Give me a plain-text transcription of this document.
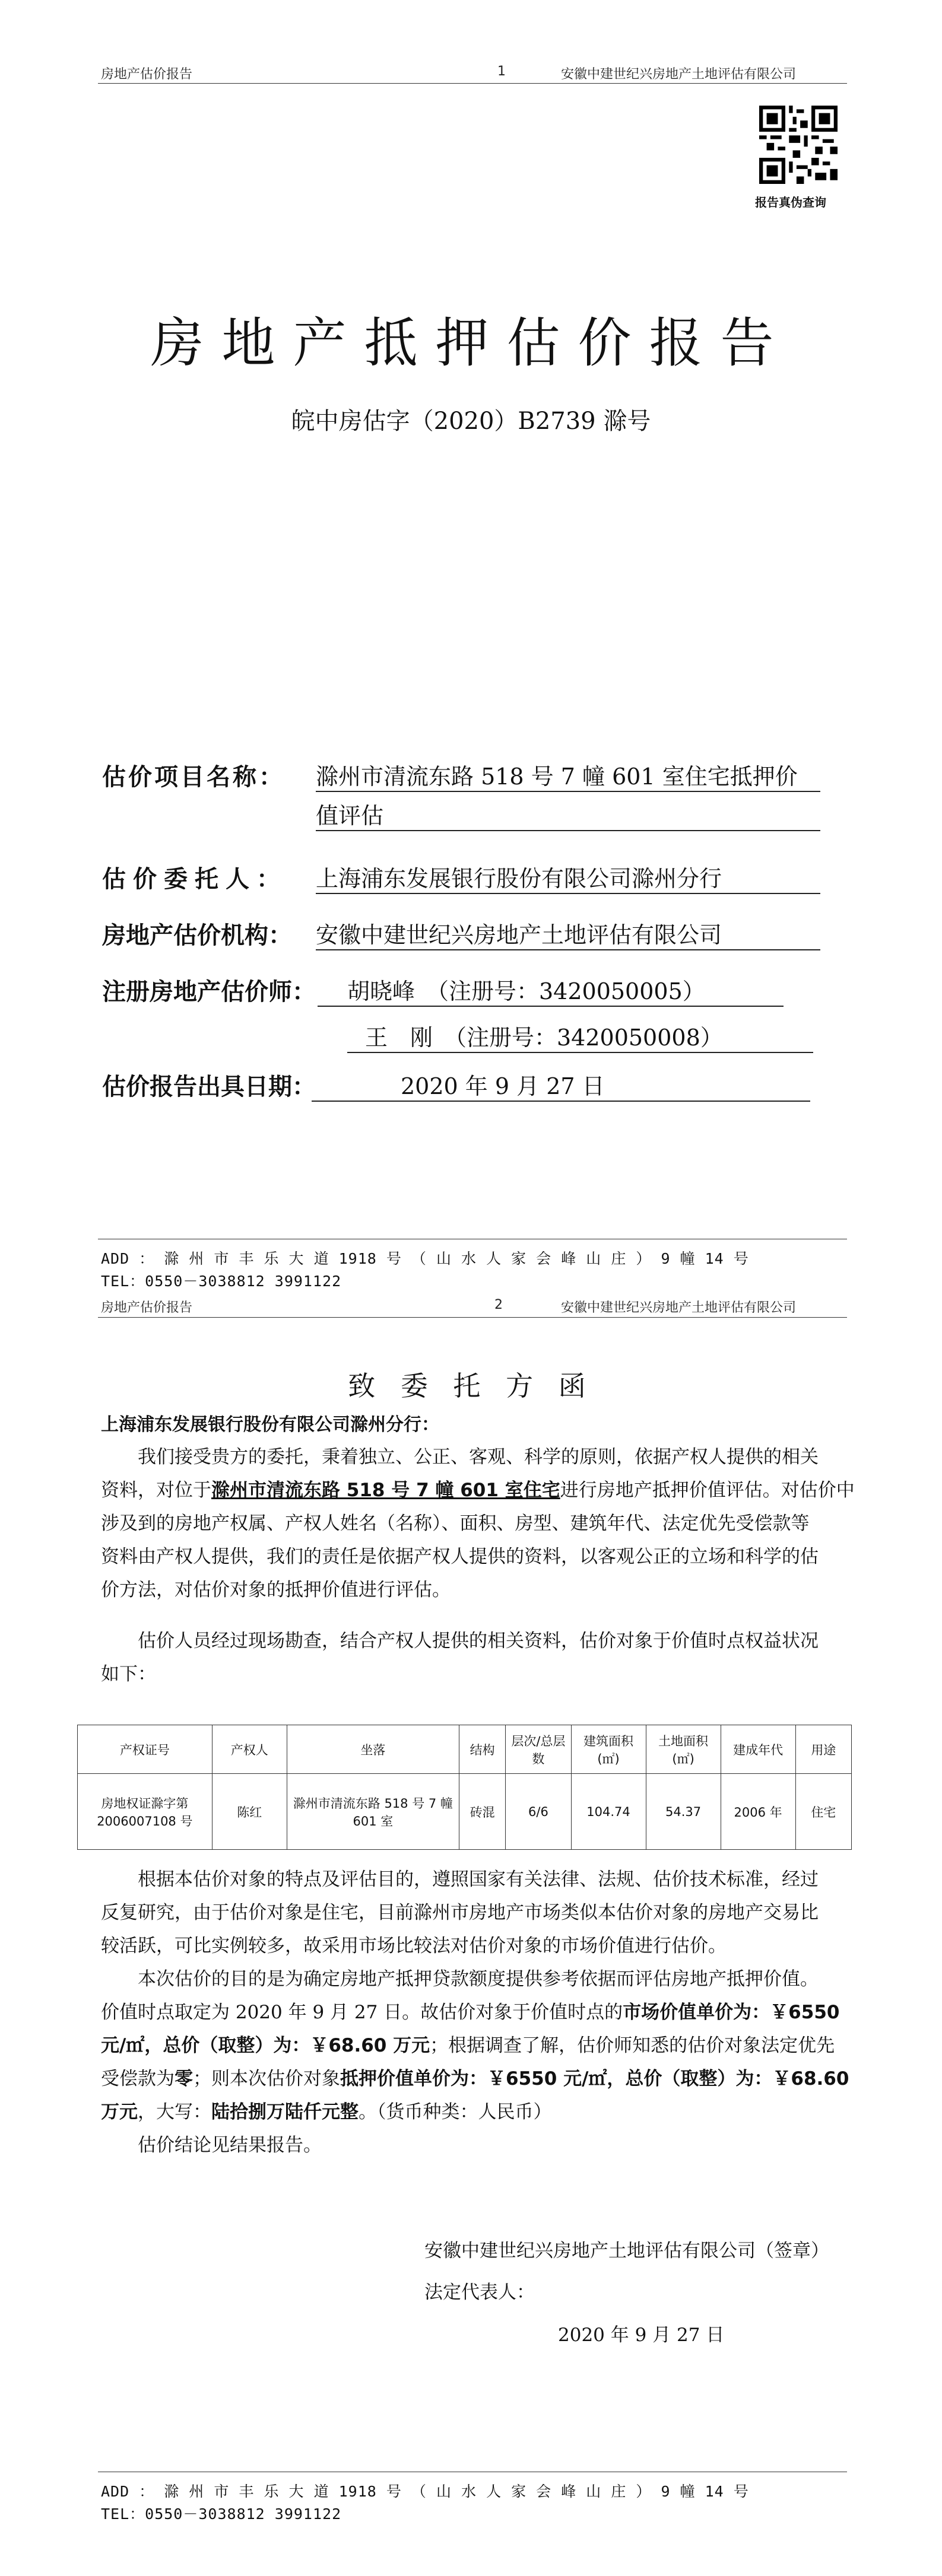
房地产估价报告	1	安徽中建世纪兴房地产土地评估有限公司
报告真伪查询
房地产抵押估价报告
皖中房估字（2020）B2739 滁号
估价项目名称： 滁州市清流东路 518 号 7 幢 601 室住宅抵押价
值评估
估价委托人： 上海浦东发展银行股份有限公司滁州分行
房地产估价机构： 安徽中建世纪兴房地产土地评估有限公司
注册房地产估价师：	胡晓峰　（注册号：3420050005）
王　刚　（注册号：3420050008）
估价报告出具日期：	2020 年 9 月 27 日
ADD ： 滁 州 市 丰 乐 大 道 1918 号 （ 山 水 人 家 会 峰 山 庄 ） 9 幢 14 号
TEL：0550－3038812 3991122
房地产估价报告	2	安徽中建世纪兴房地产土地评估有限公司
致 委 托 方 函
上海浦东发展银行股份有限公司滁州分行：
我们接受贵方的委托，秉着独立、公正、客观、科学的原则，依据产权人提供的相关
资料，对位于滁州市清流东路 518 号 7 幢 601 室住宅进行房地产抵押价值评估。对估价中
涉及到的房地产权属、产权人姓名（名称）、面积、房型、建筑年代、法定优先受偿款等
资料由产权人提供，我们的责任是依据产权人提供的资料，以客观公正的立场和科学的估
价方法，对估价对象的抵押价值进行评估。
估价人员经过现场勘查，结合产权人提供的相关资料，估价对象于价值时点权益状况
如下：
产权证号	产权人	坐落	结构	层次/总层数	建筑面积(㎡)	土地面积(㎡)	建成年代	用途
房地权证滁字第 2006007108 号	陈红	滁州市清流东路 518 号 7 幢 601 室	砖混	6/6	104.74	54.37	2006 年	住宅
根据本估价对象的特点及评估目的，遵照国家有关法律、法规、估价技术标准，经过
反复研究，由于估价对象是住宅，目前滁州市房地产市场类似本估价对象的房地产交易比
较活跃，可比实例较多，故采用市场比较法对估价对象的市场价值进行估价。
本次估价的目的是为确定房地产抵押贷款额度提供参考依据而评估房地产抵押价值。
价值时点取定为 2020 年 9 月 27 日。故估价对象于价值时点的市场价值单价为：￥6550
元/㎡，总价（取整）为：￥68.60 万元；根据调查了解，估价师知悉的估价对象法定优先
受偿款为零；则本次估价对象抵押价值单价为：￥6550 元/㎡，总价（取整）为：￥68.60
万元，大写：陆拾捌万陆仟元整。（货币种类：人民币）
估价结论见结果报告。
安徽中建世纪兴房地产土地评估有限公司（签章）
法定代表人：
2020 年 9 月 27 日
ADD ： 滁 州 市 丰 乐 大 道 1918 号 （ 山 水 人 家 会 峰 山 庄 ） 9 幢 14 号
TEL：0550－3038812 3991122
